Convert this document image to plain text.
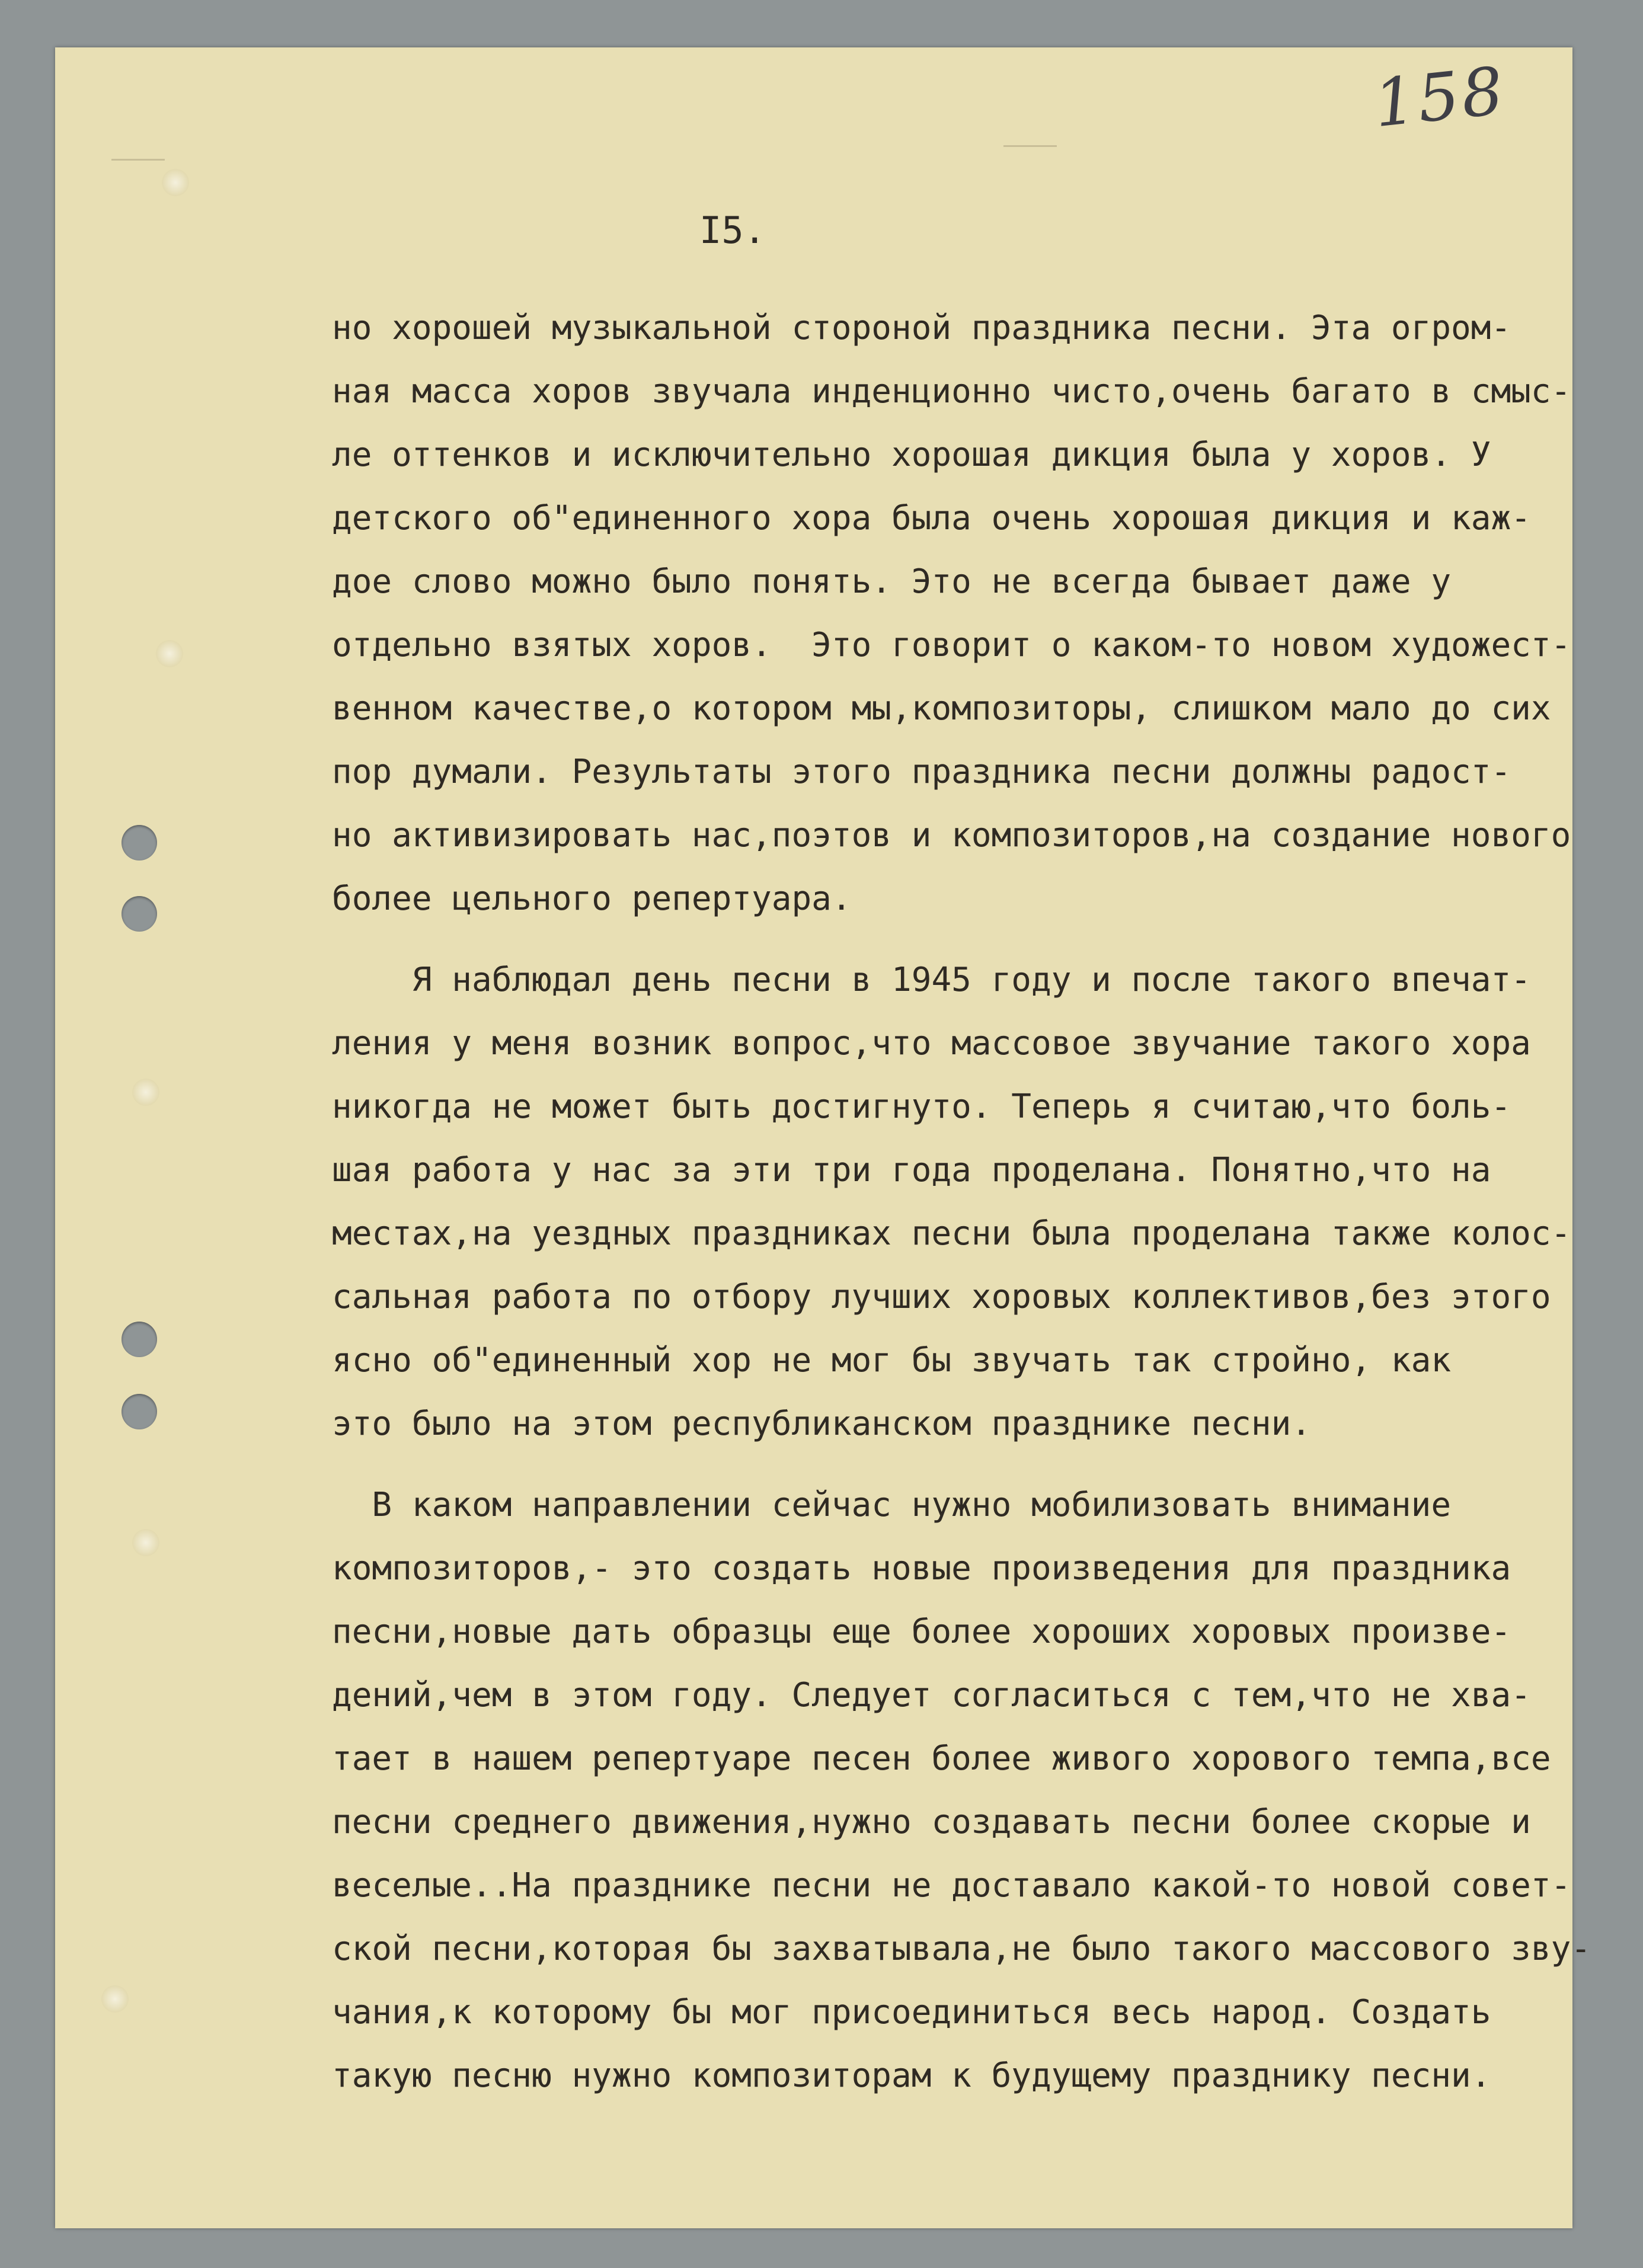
158

I5.

но хорошей музыкальной стороной праздника песни. Эта огром-
ная масса хоров звучала инденционно чисто,очень багато в смыс-
ле оттенков и исключительно хорошая дикция была у хоров. У
детского об"единенного хора была очень хорошая дикция и каж-
дое слово можно было понять. Это не всегда бывает даже у
отдельно взятых хоров.  Это говорит о каком-то новом художест-
венном качестве,о котором мы,композиторы, слишком мало до сих
пор думали. Результаты этого праздника песни должны радост-
но активизировать нас,поэтов и композиторов,на создание нового
более цельного репертуара.
Я наблюдал день песни в 1945 году и после такого впечат-
ления у меня возник вопрос,что массовое звучание такого хора
никогда не может быть достигнуто. Теперь я считаю,что боль-
шая работа у нас за эти три года проделана. Понятно,что на
местах,на уездных праздниках песни была проделана также колос-
сальная работа по отбору лучших хоровых коллективов,без этого
ясно об"единенный хор не мог бы звучать так стройно, как
это было на этом республиканском празднике песни.
В каком направлении сейчас нужно мобилизовать внимание
композиторов,- это создать новые произведения для праздника
песни,новые дать образцы еще более хороших хоровых произве-
дений,чем в этом году. Следует согласиться с тем,что не хва-
тает в нашем репертуаре песен более живого хорового темпа,все
песни среднего движения,нужно создавать песни более скорые и
веселые..На празднике песни не доставало какой-то новой совет-
ской песни,которая бы захватывала,не было такого массового зву-
чания,к которому бы мог присоединиться весь народ. Создать
такую песню нужно композиторам к будущему празднику песни.
